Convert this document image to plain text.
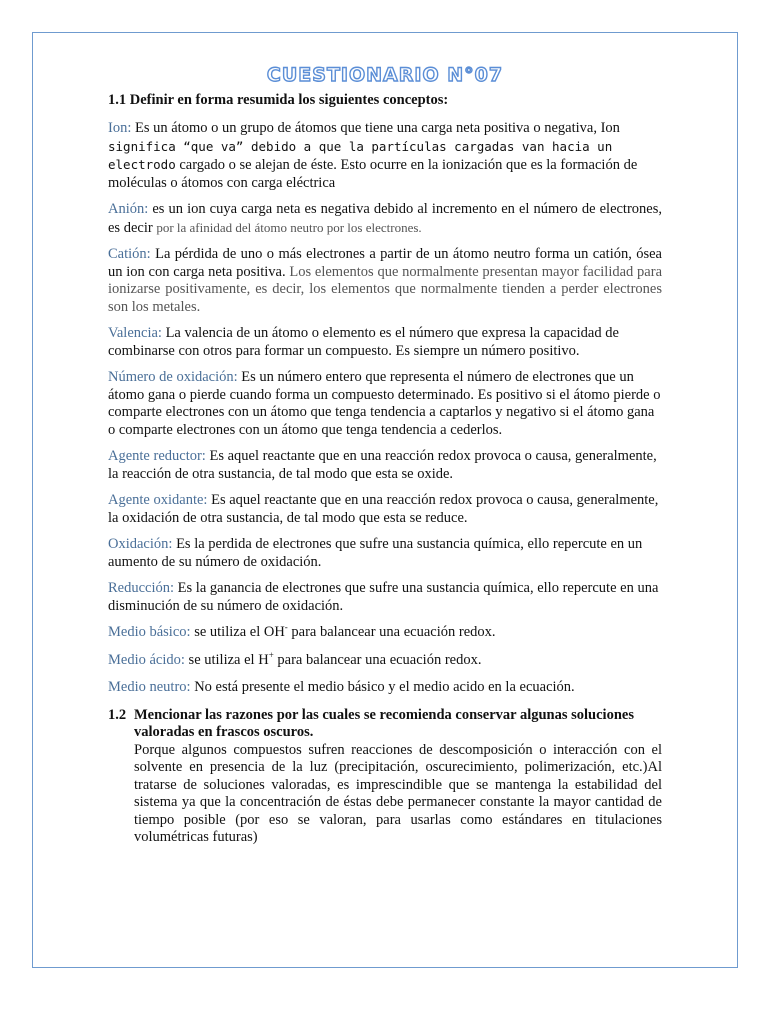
CUESTIONARIO N°07
1.1 Definir en forma resumida los siguientes conceptos:

Ion: Es un átomo o un grupo de átomos que tiene una carga neta positiva o negativa, Ion significa “que va” debido a que la partículas cargadas van hacia un electrodo cargado o se alejan de éste. Esto ocurre en la ionización que es la formación de moléculas o átomos con carga eléctrica

Anión: es un ion cuya carga neta es negativa debido al incremento en el número de electrones, es decir por la afinidad del átomo neutro por los electrones.

Catión: La pérdida de uno o más electrones a partir de un átomo neutro forma un catión, ósea un ion con carga neta positiva. Los elementos que normalmente presentan mayor facilidad para ionizarse positivamente, es decir, los elementos que normalmente tienden a perder electrones son los metales.

Valencia: La valencia de un átomo o elemento es el número que expresa la capacidad de combinarse con otros para formar un compuesto. Es siempre un número positivo.

Número de oxidación: Es un número entero que representa el número de electrones que un átomo gana o pierde cuando forma un compuesto determinado. Es positivo si el átomo pierde o comparte electrones con un átomo que tenga tendencia a captarlos y negativo si el átomo gana o comparte electrones con un átomo que tenga tendencia a cederlos.

Agente reductor: Es aquel reactante que en una reacción redox provoca o causa, generalmente, la reacción de otra sustancia, de tal modo que esta se oxide.

Agente oxidante: Es aquel reactante que en una reacción redox provoca o causa, generalmente, la oxidación de otra sustancia, de tal modo que esta se reduce.

Oxidación: Es la perdida de electrones que sufre una sustancia química, ello repercute en un aumento de su número de oxidación.

Reducción: Es la ganancia de electrones que sufre una sustancia química, ello repercute en una disminución de su número de oxidación.

Medio básico: se utiliza el OH- para balancear una ecuación redox.

Medio ácido: se utiliza el H+ para balancear una ecuación redox.

Medio neutro: No está presente el medio básico y el medio acido en la ecuación.

1.2 Mencionar las razones por las cuales se recomienda conservar algunas soluciones valoradas en frascos oscuros.
Porque algunos compuestos sufren reacciones de descomposición o interacción con el solvente en presencia de la luz (precipitación, oscurecimiento, polimerización, etc.)Al tratarse de soluciones valoradas, es imprescindible que se mantenga la estabilidad del sistema ya que la concentración de éstas debe permanecer constante la mayor cantidad de tiempo posible (por eso se valoran, para usarlas como estándares en titulaciones volumétricas futuras)
